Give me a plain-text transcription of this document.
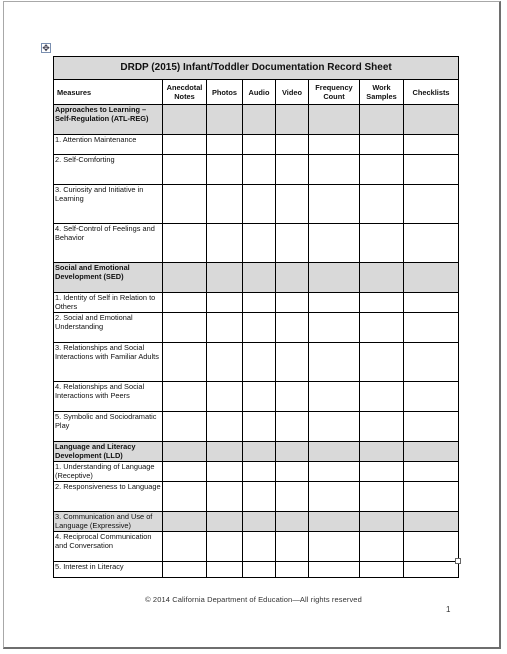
✥
DRDP (2015) Infant/Toddler Documentation Record Sheet							
Measures	Anecdotal Notes	Photos	Audio	Video	Frequency Count	Work Samples	Checklists
Approaches to Learning – Self-Regulation (ATL-REG)							
1. Attention Maintenance							
2. Self-Comforting							
3. Curiosity and Initiative in Learning							
4. Self-Control of Feelings and Behavior							
Social and Emotional Development (SED)							
1. Identity of Self in Relation to Others							
2. Social and Emotional Understanding							
3. Relationships and Social Interactions with Familiar Adults							
4. Relationships and Social Interactions with Peers							
5. Symbolic and Sociodramatic Play							
Language and Literacy Development (LLD)							
1. Understanding of Language (Receptive)							
2. Responsiveness to Language							
3. Communication and Use of Language (Expressive)							
4. Reciprocal Communication and Conversation							
5. Interest in Literacy							
© 2014 California Department of Education—All rights reserved
1
